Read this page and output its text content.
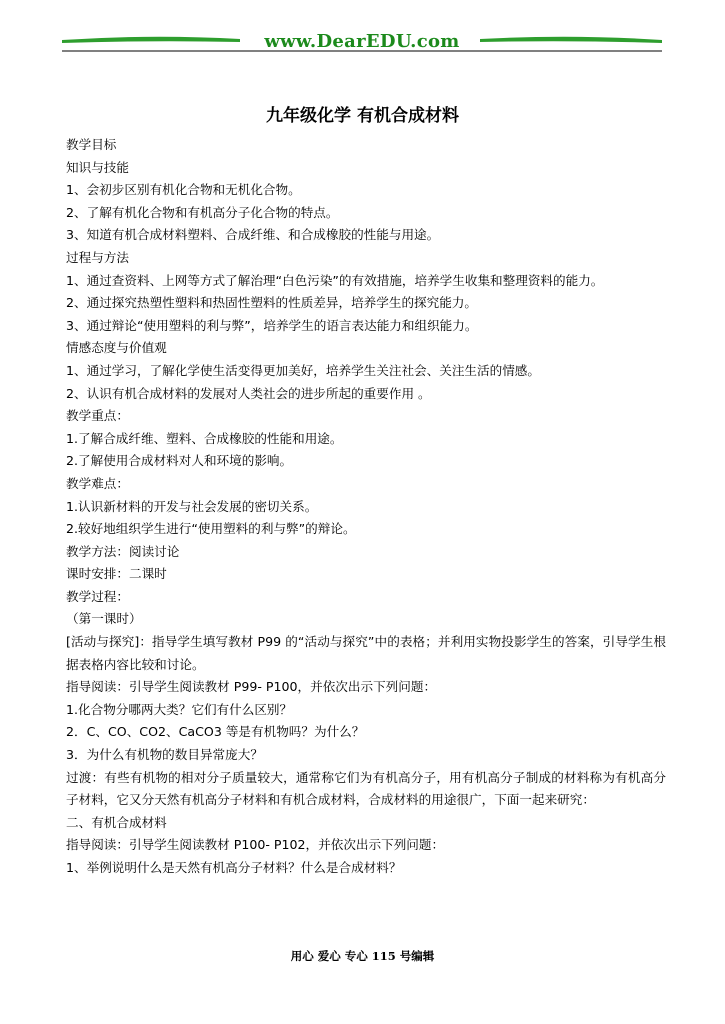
www.DearEDU.com
九年级化学 有机合成材料
教学目标
知识与技能
1、会初步区别有机化合物和无机化合物。
2、了解有机化合物和有机高分子化合物的特点。
3、知道有机合成材料塑料、合成纤维、和合成橡胶的性能与用途。
过程与方法
1、通过查资料、上网等方式了解治理“白色污染”的有效措施，培养学生收集和整理资料的能力。
2、通过探究热塑性塑料和热固性塑料的性质差异，培养学生的探究能力。
3、通过辩论“使用塑料的利与弊”，培养学生的语言表达能力和组织能力。
情感态度与价值观
1、通过学习，了解化学使生活变得更加美好，培养学生关注社会、关注生活的情感。
2、认识有机合成材料的发展对人类社会的进步所起的重要作用 。
教学重点：
1.了解合成纤维、塑料、合成橡胶的性能和用途。
2.了解使用合成材料对人和环境的影响。
教学难点：
1.认识新材料的开发与社会发展的密切关系。
2.较好地组织学生进行“使用塑料的利与弊”的辩论。
教学方法：阅读讨论
课时安排：二课时
教学过程：
（第一课时）
[活动与探究]：指导学生填写教材 P99 的“活动与探究”中的表格；并利用实物投影学生的答案，引导学生根据表格内容比较和讨论。
指导阅读：引导学生阅读教材 P99- P100，并依次出示下列问题：
1.化合物分哪两大类？它们有什么区别？
2．C、CO、CO2、CaCO3 等是有机物吗？为什么？
3．为什么有机物的数目异常庞大？
过渡：有些有机物的相对分子质量较大，通常称它们为有机高分子，用有机高分子制成的材料称为有机高分子材料，它又分天然有机高分子材料和有机合成材料，合成材料的用途很广，下面一起来研究：
二、有机合成材料
指导阅读：引导学生阅读教材 P100- P102，并依次出示下列问题：
1、举例说明什么是天然有机高分子材料？什么是合成材料？
用心 爱心 专心 115 号编辑
